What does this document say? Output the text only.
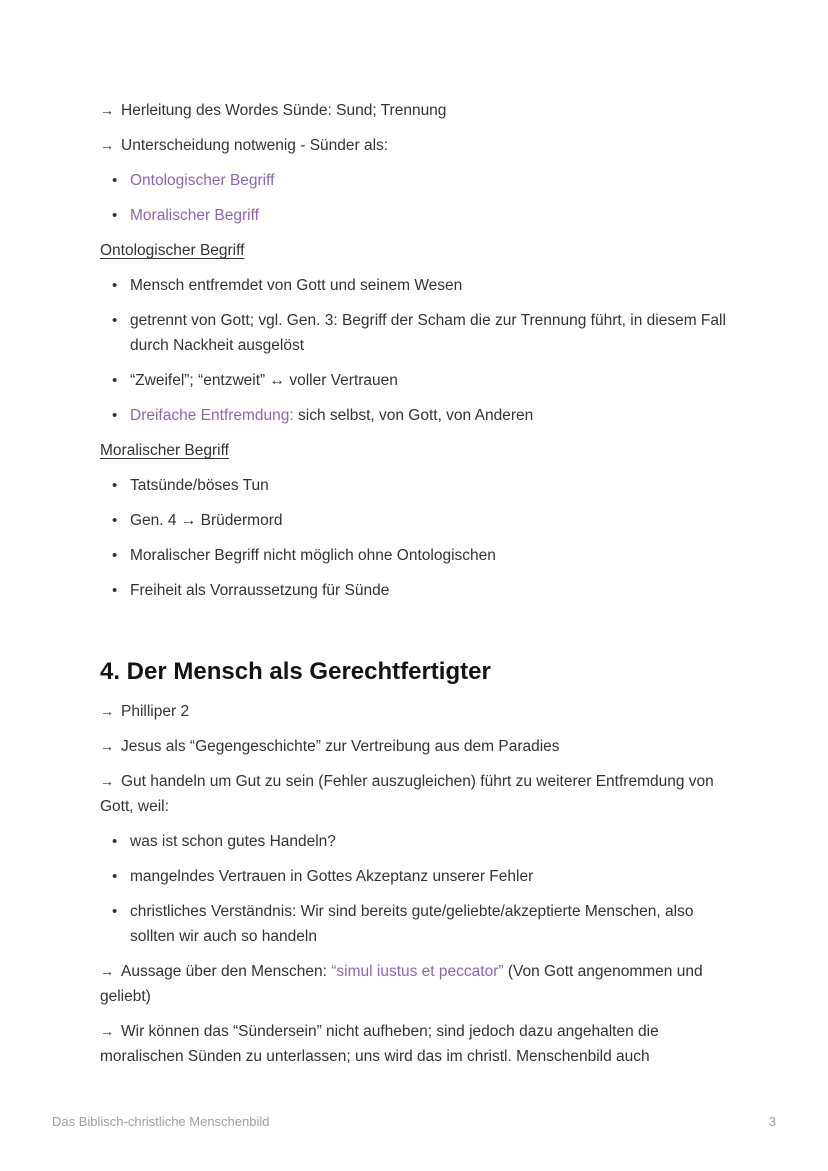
→ Herleitung des Wordes Sünde: Sund; Trennung
→ Unterscheidung notwenig - Sünder als:
• Ontologischer Begriff
• Moralischer Begriff
Ontologischer Begriff
• Mensch entfremdet von Gott und seinem Wesen
• getrennt von Gott; vgl. Gen. 3: Begriff der Scham die zur Trennung führt, in diesem Fall durch Nackheit ausgelöst
• “Zweifel”; “entzweit” ↔ voller Vertrauen
• Dreifache Entfremdung: sich selbst, von Gott, von Anderen
Moralischer Begriff
• Tatsünde/böses Tun
• Gen. 4 → Brüdermord
• Moralischer Begriff nicht möglich ohne Ontologischen
• Freiheit als Vorraussetzung für Sünde
4. Der Mensch als Gerechtfertigter
→ Philliper 2
→ Jesus als “Gegengeschichte” zur Vertreibung aus dem Paradies
→ Gut handeln um Gut zu sein (Fehler auszugleichen) führt zu weiterer Entfremdung von Gott, weil:
• was ist schon gutes Handeln?
• mangelndes Vertrauen in Gottes Akzeptanz unserer Fehler
• christliches Verständnis: Wir sind bereits gute/geliebte/akzeptierte Menschen, also sollten wir auch so handeln
→ Aussage über den Menschen: “simul iustus et peccator” (Von Gott angenommen und geliebt)
→ Wir können das “Sündersein” nicht aufheben; sind jedoch dazu angehalten die moralischen Sünden zu unterlassen; uns wird das im christl. Menschenbild auch
Das Biblisch-christliche Menschenbild	3
